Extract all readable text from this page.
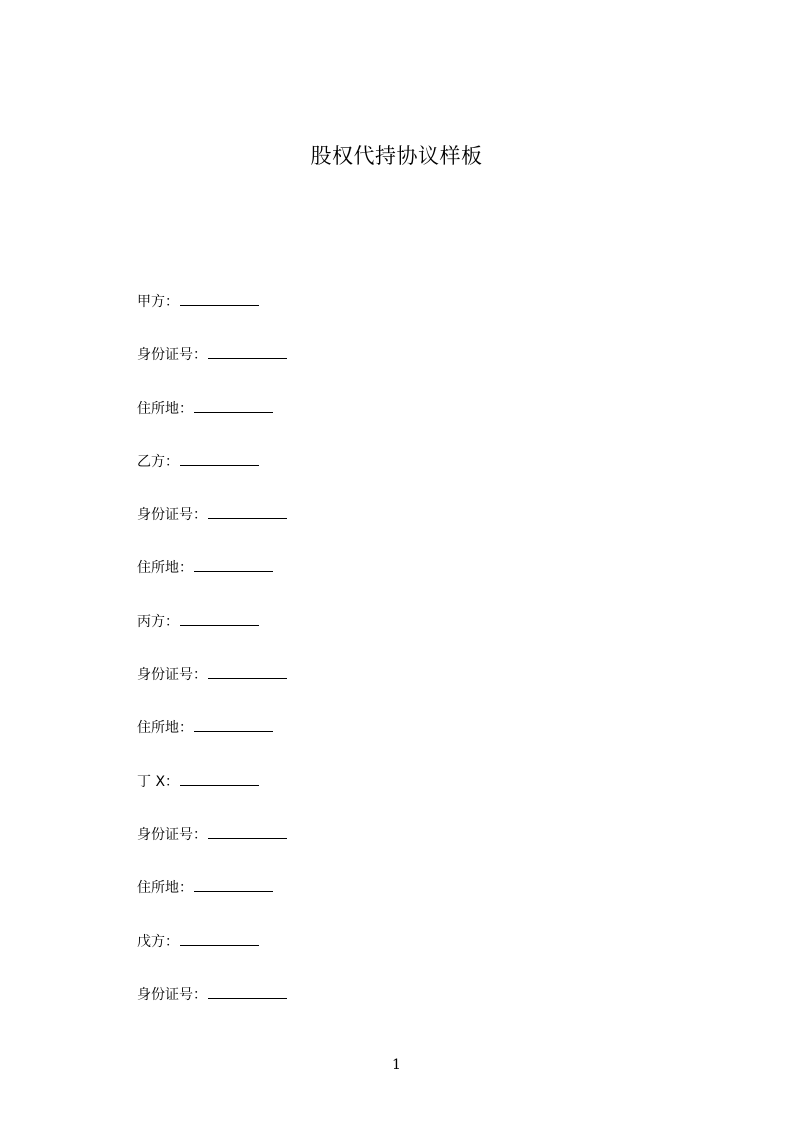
股权代持协议样板
甲方：
身份证号：
住所地：
乙方：
身份证号：
住所地：
丙方：
身份证号：
住所地：
丁 X：
身份证号：
住所地：
戊方：
身份证号：

1
